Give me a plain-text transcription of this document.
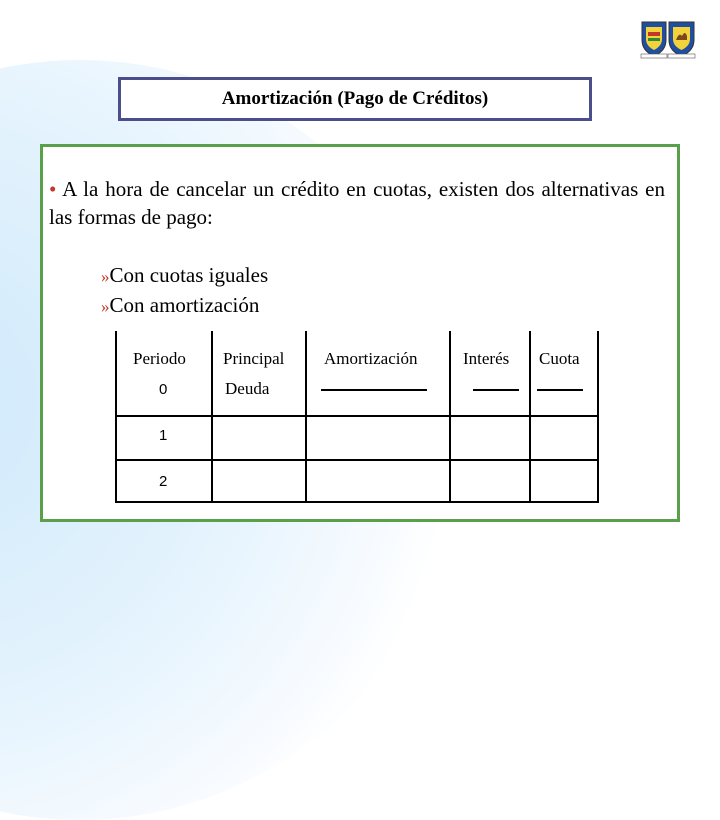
Amortización (Pago de Créditos)
• A la hora de cancelar un crédito en cuotas, existen dos alternativas en las formas de pago:
»Con cuotas iguales
»Con amortización
Periodo Principal Amortización	Interés Cuota
0	Deuda
1
2
